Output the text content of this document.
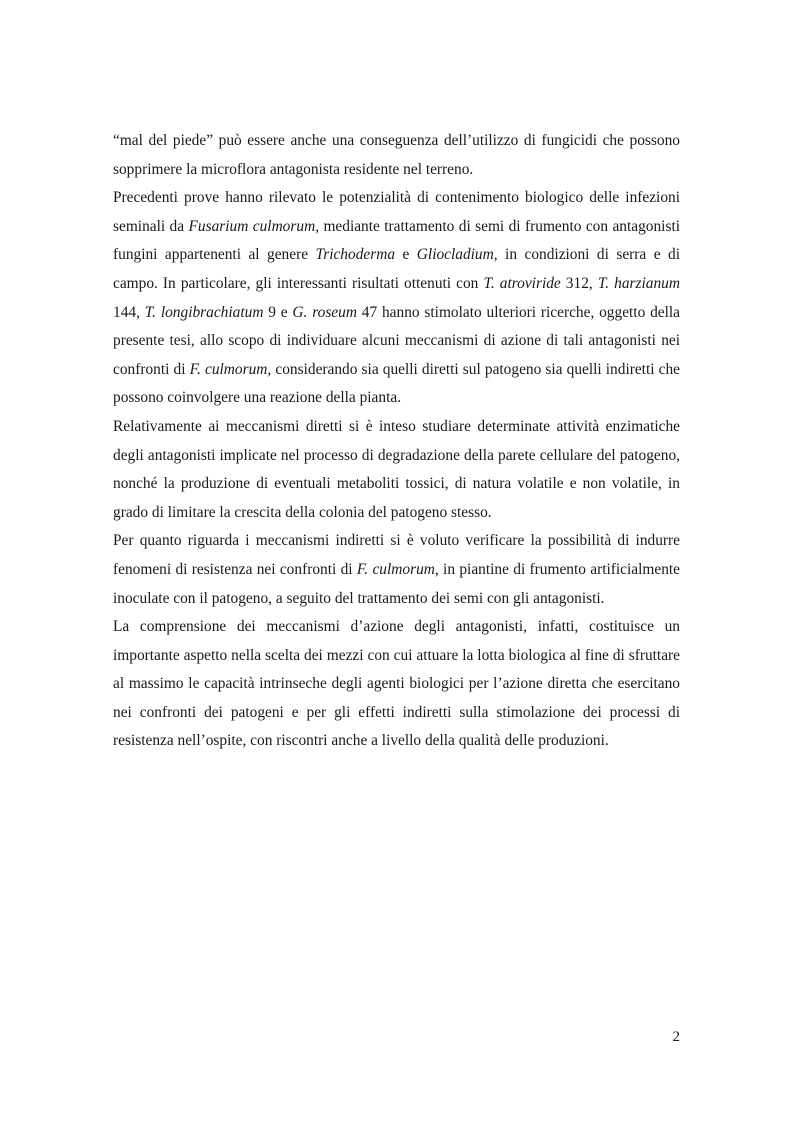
“mal del piede” può essere anche una conseguenza dell’utilizzo di fungicidi che possono sopprimere la microflora antagonista residente nel terreno.

Precedenti prove hanno rilevato le potenzialità di contenimento biologico delle infezioni seminali da Fusarium culmorum, mediante trattamento di semi di frumento con antagonisti fungini appartenenti al genere Trichoderma e Gliocladium, in condizioni di serra e di campo. In particolare, gli interessanti risultati ottenuti con T. atroviride 312, T. harzianum 144, T. longibrachiatum 9 e G. roseum 47 hanno stimolato ulteriori ricerche, oggetto della presente tesi, allo scopo di individuare alcuni meccanismi di azione di tali antagonisti nei confronti di F. culmorum, considerando sia quelli diretti sul patogeno sia quelli indiretti che possono coinvolgere una reazione della pianta.

Relativamente ai meccanismi diretti si è inteso studiare determinate attività enzimatiche degli antagonisti implicate nel processo di degradazione della parete cellulare del patogeno, nonché la produzione di eventuali metaboliti tossici, di natura volatile e non volatile, in grado di limitare la crescita della colonia del patogeno stesso.

Per quanto riguarda i meccanismi indiretti si è voluto verificare la possibilità di indurre fenomeni di resistenza nei confronti di F. culmorum, in piantine di frumento artificialmente inoculate con il patogeno, a seguito del trattamento dei semi con gli antagonisti.

La comprensione dei meccanismi d’azione degli antagonisti, infatti, costituisce un importante aspetto nella scelta dei mezzi con cui attuare la lotta biologica al fine di sfruttare al massimo le capacità intrinseche degli agenti biologici per l’azione diretta che esercitano nei confronti dei patogeni e per gli effetti indiretti sulla stimolazione dei processi di resistenza nell’ospite, con riscontri anche a livello della qualità delle produzioni.

2
